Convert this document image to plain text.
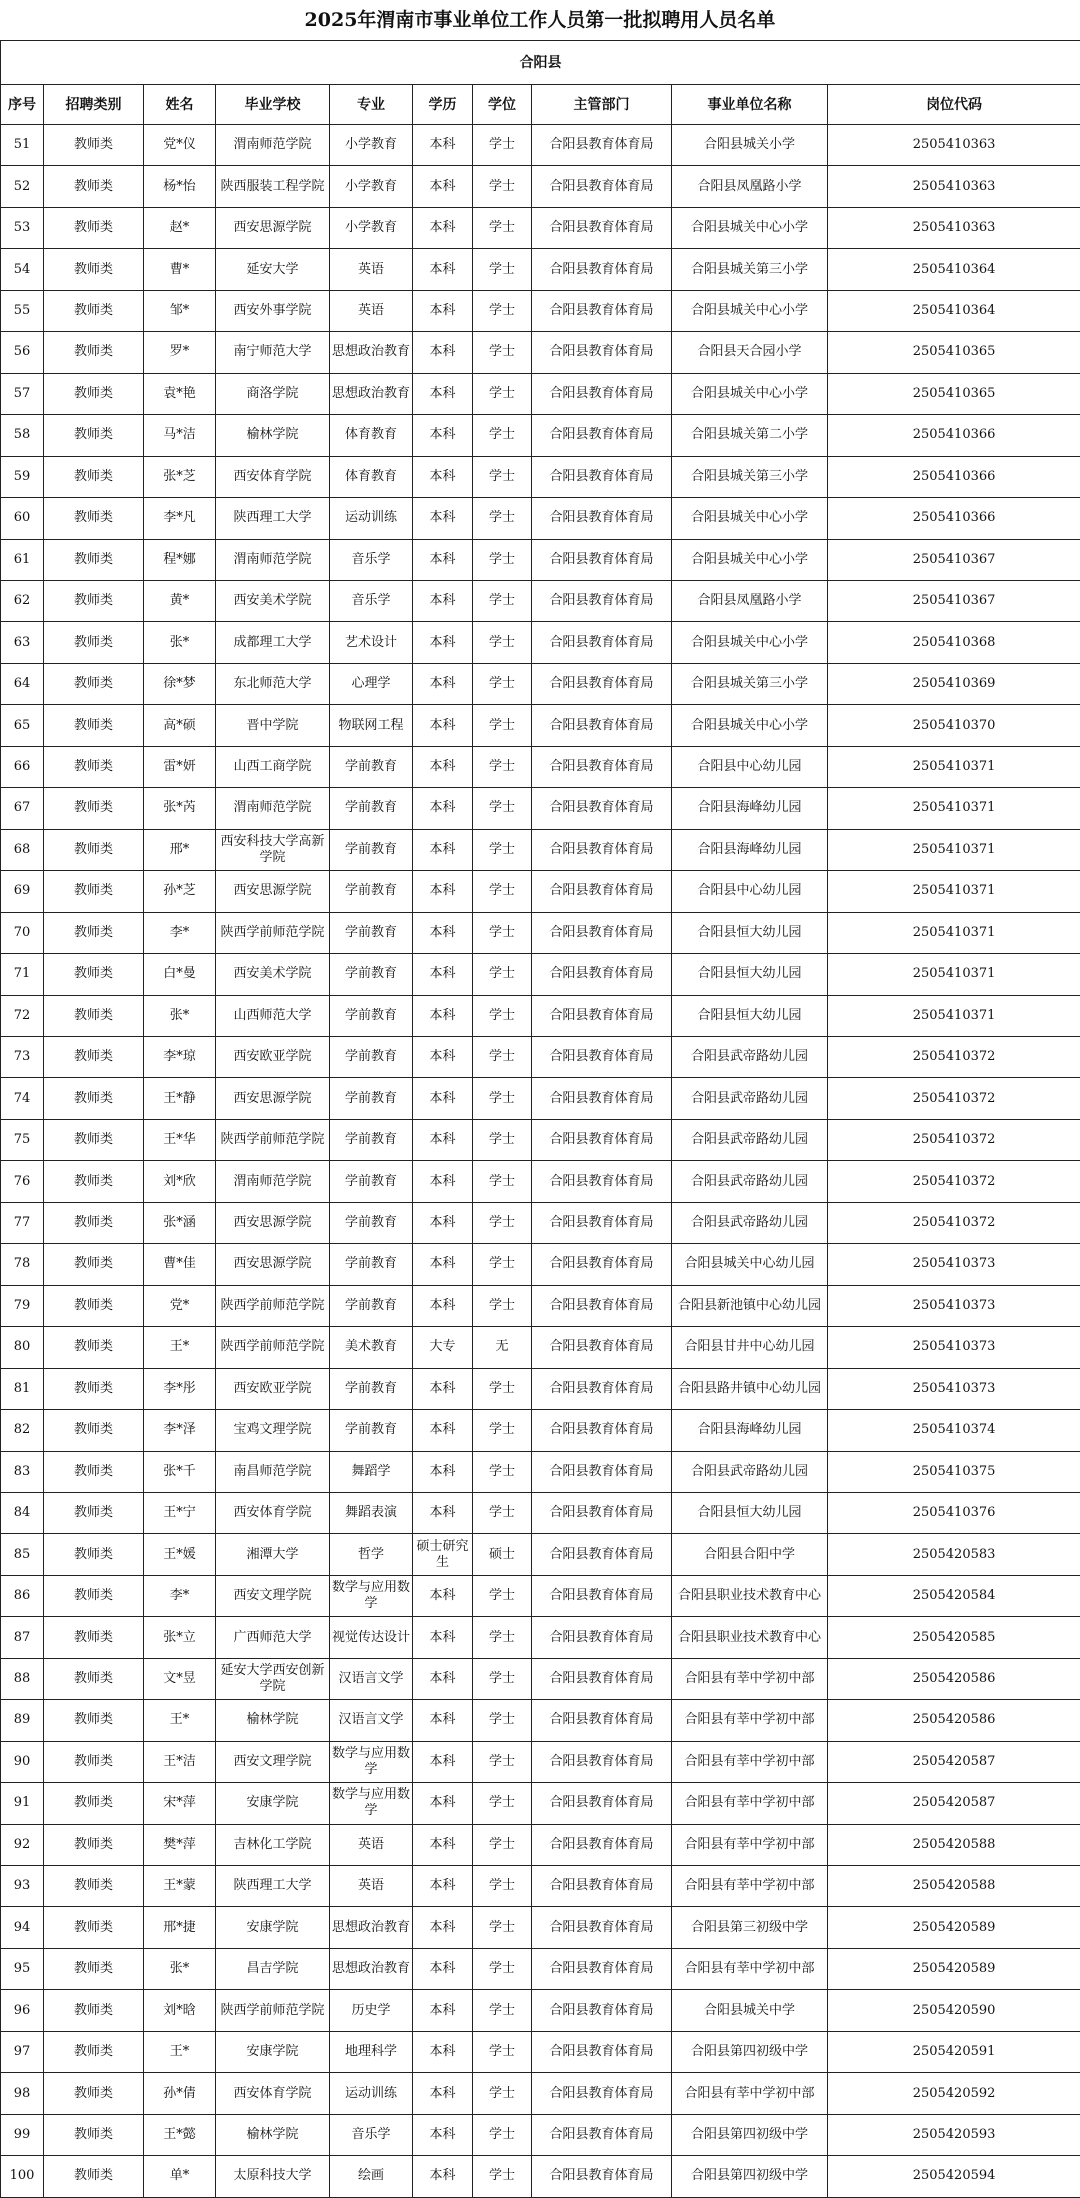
2025年渭南市事业单位工作人员第一批拟聘用人员名单
合阳县									
序号	招聘类别	姓名	毕业学校	专业	学历	学位	主管部门	事业单位名称	岗位代码
51	教师类	党*仪	渭南师范学院	小学教育	本科	学士	合阳县教育体育局	合阳县城关小学	2505410363
52	教师类	杨*怡	陕西服装工程学院	小学教育	本科	学士	合阳县教育体育局	合阳县凤凰路小学	2505410363
53	教师类	赵*	西安思源学院	小学教育	本科	学士	合阳县教育体育局	合阳县城关中心小学	2505410363
54	教师类	曹*	延安大学	英语	本科	学士	合阳县教育体育局	合阳县城关第三小学	2505410364
55	教师类	邹*	西安外事学院	英语	本科	学士	合阳县教育体育局	合阳县城关中心小学	2505410364
56	教师类	罗*	南宁师范大学	思想政治教育	本科	学士	合阳县教育体育局	合阳县天合园小学	2505410365
57	教师类	袁*艳	商洛学院	思想政治教育	本科	学士	合阳县教育体育局	合阳县城关中心小学	2505410365
58	教师类	马*洁	榆林学院	体育教育	本科	学士	合阳县教育体育局	合阳县城关第二小学	2505410366
59	教师类	张*芝	西安体育学院	体育教育	本科	学士	合阳县教育体育局	合阳县城关第三小学	2505410366
60	教师类	李*凡	陕西理工大学	运动训练	本科	学士	合阳县教育体育局	合阳县城关中心小学	2505410366
61	教师类	程*娜	渭南师范学院	音乐学	本科	学士	合阳县教育体育局	合阳县城关中心小学	2505410367
62	教师类	黄*	西安美术学院	音乐学	本科	学士	合阳县教育体育局	合阳县凤凰路小学	2505410367
63	教师类	张*	成都理工大学	艺术设计	本科	学士	合阳县教育体育局	合阳县城关中心小学	2505410368
64	教师类	徐*梦	东北师范大学	心理学	本科	学士	合阳县教育体育局	合阳县城关第三小学	2505410369
65	教师类	高*硕	晋中学院	物联网工程	本科	学士	合阳县教育体育局	合阳县城关中心小学	2505410370
66	教师类	雷*妍	山西工商学院	学前教育	本科	学士	合阳县教育体育局	合阳县中心幼儿园	2505410371
67	教师类	张*芮	渭南师范学院	学前教育	本科	学士	合阳县教育体育局	合阳县海峰幼儿园	2505410371
68	教师类	邢*	西安科技大学高新学院	学前教育	本科	学士	合阳县教育体育局	合阳县海峰幼儿园	2505410371
69	教师类	孙*芝	西安思源学院	学前教育	本科	学士	合阳县教育体育局	合阳县中心幼儿园	2505410371
70	教师类	李*	陕西学前师范学院	学前教育	本科	学士	合阳县教育体育局	合阳县恒大幼儿园	2505410371
71	教师类	白*曼	西安美术学院	学前教育	本科	学士	合阳县教育体育局	合阳县恒大幼儿园	2505410371
72	教师类	张*	山西师范大学	学前教育	本科	学士	合阳县教育体育局	合阳县恒大幼儿园	2505410371
73	教师类	李*琼	西安欧亚学院	学前教育	本科	学士	合阳县教育体育局	合阳县武帝路幼儿园	2505410372
74	教师类	王*静	西安思源学院	学前教育	本科	学士	合阳县教育体育局	合阳县武帝路幼儿园	2505410372
75	教师类	王*华	陕西学前师范学院	学前教育	本科	学士	合阳县教育体育局	合阳县武帝路幼儿园	2505410372
76	教师类	刘*欣	渭南师范学院	学前教育	本科	学士	合阳县教育体育局	合阳县武帝路幼儿园	2505410372
77	教师类	张*涵	西安思源学院	学前教育	本科	学士	合阳县教育体育局	合阳县武帝路幼儿园	2505410372
78	教师类	曹*佳	西安思源学院	学前教育	本科	学士	合阳县教育体育局	合阳县城关中心幼儿园	2505410373
79	教师类	党*	陕西学前师范学院	学前教育	本科	学士	合阳县教育体育局	合阳县新池镇中心幼儿园	2505410373
80	教师类	王*	陕西学前师范学院	美术教育	大专	无	合阳县教育体育局	合阳县甘井中心幼儿园	2505410373
81	教师类	李*彤	西安欧亚学院	学前教育	本科	学士	合阳县教育体育局	合阳县路井镇中心幼儿园	2505410373
82	教师类	李*泽	宝鸡文理学院	学前教育	本科	学士	合阳县教育体育局	合阳县海峰幼儿园	2505410374
83	教师类	张*千	南昌师范学院	舞蹈学	本科	学士	合阳县教育体育局	合阳县武帝路幼儿园	2505410375
84	教师类	王*宁	西安体育学院	舞蹈表演	本科	学士	合阳县教育体育局	合阳县恒大幼儿园	2505410376
85	教师类	王*媛	湘潭大学	哲学	硕士研究生	硕士	合阳县教育体育局	合阳县合阳中学	2505420583
86	教师类	李*	西安文理学院	数学与应用数学	本科	学士	合阳县教育体育局	合阳县职业技术教育中心	2505420584
87	教师类	张*立	广西师范大学	视觉传达设计	本科	学士	合阳县教育体育局	合阳县职业技术教育中心	2505420585
88	教师类	文*昱	延安大学西安创新学院	汉语言文学	本科	学士	合阳县教育体育局	合阳县有莘中学初中部	2505420586
89	教师类	王*	榆林学院	汉语言文学	本科	学士	合阳县教育体育局	合阳县有莘中学初中部	2505420586
90	教师类	王*洁	西安文理学院	数学与应用数学	本科	学士	合阳县教育体育局	合阳县有莘中学初中部	2505420587
91	教师类	宋*萍	安康学院	数学与应用数学	本科	学士	合阳县教育体育局	合阳县有莘中学初中部	2505420587
92	教师类	樊*萍	吉林化工学院	英语	本科	学士	合阳县教育体育局	合阳县有莘中学初中部	2505420588
93	教师类	王*蒙	陕西理工大学	英语	本科	学士	合阳县教育体育局	合阳县有莘中学初中部	2505420588
94	教师类	邢*捷	安康学院	思想政治教育	本科	学士	合阳县教育体育局	合阳县第三初级中学	2505420589
95	教师类	张*	昌吉学院	思想政治教育	本科	学士	合阳县教育体育局	合阳县有莘中学初中部	2505420589
96	教师类	刘*晗	陕西学前师范学院	历史学	本科	学士	合阳县教育体育局	合阳县城关中学	2505420590
97	教师类	王*	安康学院	地理科学	本科	学士	合阳县教育体育局	合阳县第四初级中学	2505420591
98	教师类	孙*倩	西安体育学院	运动训练	本科	学士	合阳县教育体育局	合阳县有莘中学初中部	2505420592
99	教师类	王*懿	榆林学院	音乐学	本科	学士	合阳县教育体育局	合阳县第四初级中学	2505420593
100	教师类	单*	太原科技大学	绘画	本科	学士	合阳县教育体育局	合阳县第四初级中学	2505420594
